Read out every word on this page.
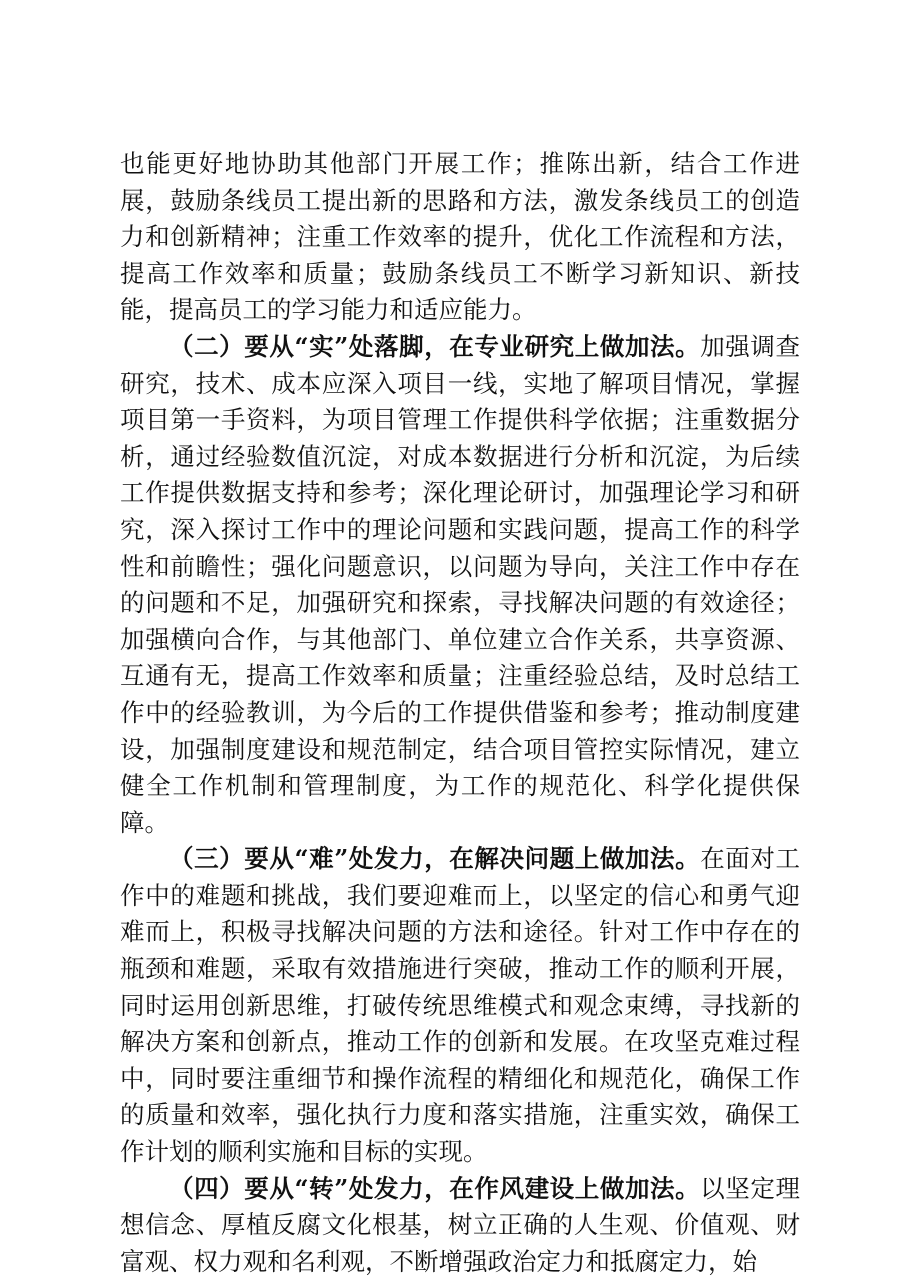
也能更好地协助其他部门开展工作；推陈出新，结合工作进展，鼓励条线员工提出新的思路和方法，激发条线员工的创造力和创新精神；注重工作效率的提升，优化工作流程和方法，提高工作效率和质量；鼓励条线员工不断学习新知识、新技能，提高员工的学习能力和适应能力。

（二）要从“实”处落脚，在专业研究上做加法。加强调查研究，技术、成本应深入项目一线，实地了解项目情况，掌握项目第一手资料，为项目管理工作提供科学依据；注重数据分析，通过经验数值沉淀，对成本数据进行分析和沉淀，为后续工作提供数据支持和参考；深化理论研讨，加强理论学习和研究，深入探讨工作中的理论问题和实践问题，提高工作的科学性和前瞻性；强化问题意识，以问题为导向，关注工作中存在的问题和不足，加强研究和探索，寻找解决问题的有效途径；加强横向合作，与其他部门、单位建立合作关系，共享资源、互通有无，提高工作效率和质量；注重经验总结，及时总结工作中的经验教训，为今后的工作提供借鉴和参考；推动制度建设，加强制度建设和规范制定，结合项目管控实际情况，建立健全工作机制和管理制度，为工作的规范化、科学化提供保障。

（三）要从“难”处发力，在解决问题上做加法。在面对工作中的难题和挑战，我们要迎难而上，以坚定的信心和勇气迎难而上，积极寻找解决问题的方法和途径。针对工作中存在的瓶颈和难题，采取有效措施进行突破，推动工作的顺利开展，同时运用创新思维，打破传统思维模式和观念束缚，寻找新的解决方案和创新点，推动工作的创新和发展。在攻坚克难过程中，同时要注重细节和操作流程的精细化和规范化，确保工作的质量和效率，强化执行力度和落实措施，注重实效，确保工作计划的顺利实施和目标的实现。

（四）要从“转”处发力，在作风建设上做加法。以坚定理想信念、厚植反腐文化根基，树立正确的人生观、价值观、财富观、权力观和名利观，不断增强政治定力和抵腐定力，始
